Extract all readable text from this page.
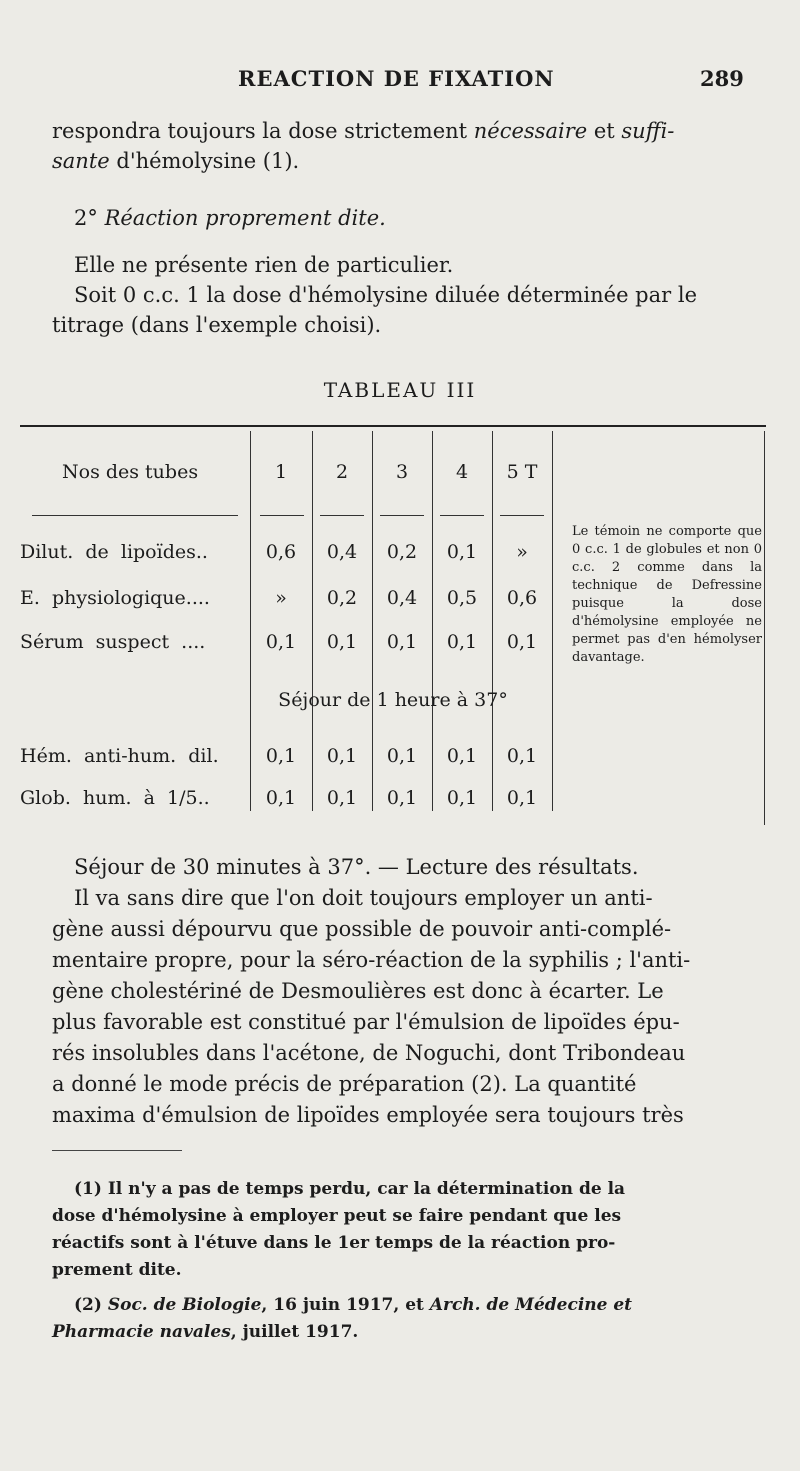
REACTION DE FIXATION	289
respondra toujours la dose strictement nécessaire et suffi-
sante d'hémolysine (1).
2° Réaction proprement dite.
Elle ne présente rien de particulier.
Soit 0 c.c. 1 la dose d'hémolysine diluée déterminée par le
titrage (dans l'exemple choisi).
TABLEAU III
Nos des tubes	1	2	3	4	5 T
Dilut.  de  lipoïdes..	0,6	0,4	0,2	0,1	»
E.  physiologique....	»	0,2	0,4	0,5	0,6
Sérum  suspect  ....	0,1	0,1	0,1	0,1	0,1
Le témoin ne comporte que 0 c.c. 1 de globules et non 0 c.c. 2 comme dans la technique de Defressine puisque la dose d'hémolysine employée ne permet pas d'en hémolyser davantage.
Séjour de 1 heure à 37°
Hém.  anti-hum.  dil.	0,1	0,1	0,1	0,1	0,1
Glob.  hum.  à  1/5..	0,1	0,1	0,1	0,1	0,1
Séjour de 30 minutes à 37°. — Lecture des résultats.
Il va sans dire que l'on doit toujours employer un anti-
gène aussi dépourvu que possible de pouvoir anti-complé-
mentaire propre, pour la séro-réaction de la syphilis ; l'anti-
gène cholestériné de Desmoulières est donc à écarter. Le
plus favorable est constitué par l'émulsion de lipoïdes épu-
rés insolubles dans l'acétone, de Noguchi, dont Tribondeau
a donné le mode précis de préparation (2). La quantité
maxima d'émulsion de lipoïdes employée sera toujours très
(1) Il n'y a pas de temps perdu, car la détermination de la
dose d'hémolysine à employer peut se faire pendant que les
réactifs sont à l'étuve dans le 1er temps de la réaction pro-
prement dite.
(2) Soc. de Biologie, 16 juin 1917, et Arch. de Médecine et
Pharmacie navales, juillet 1917.
